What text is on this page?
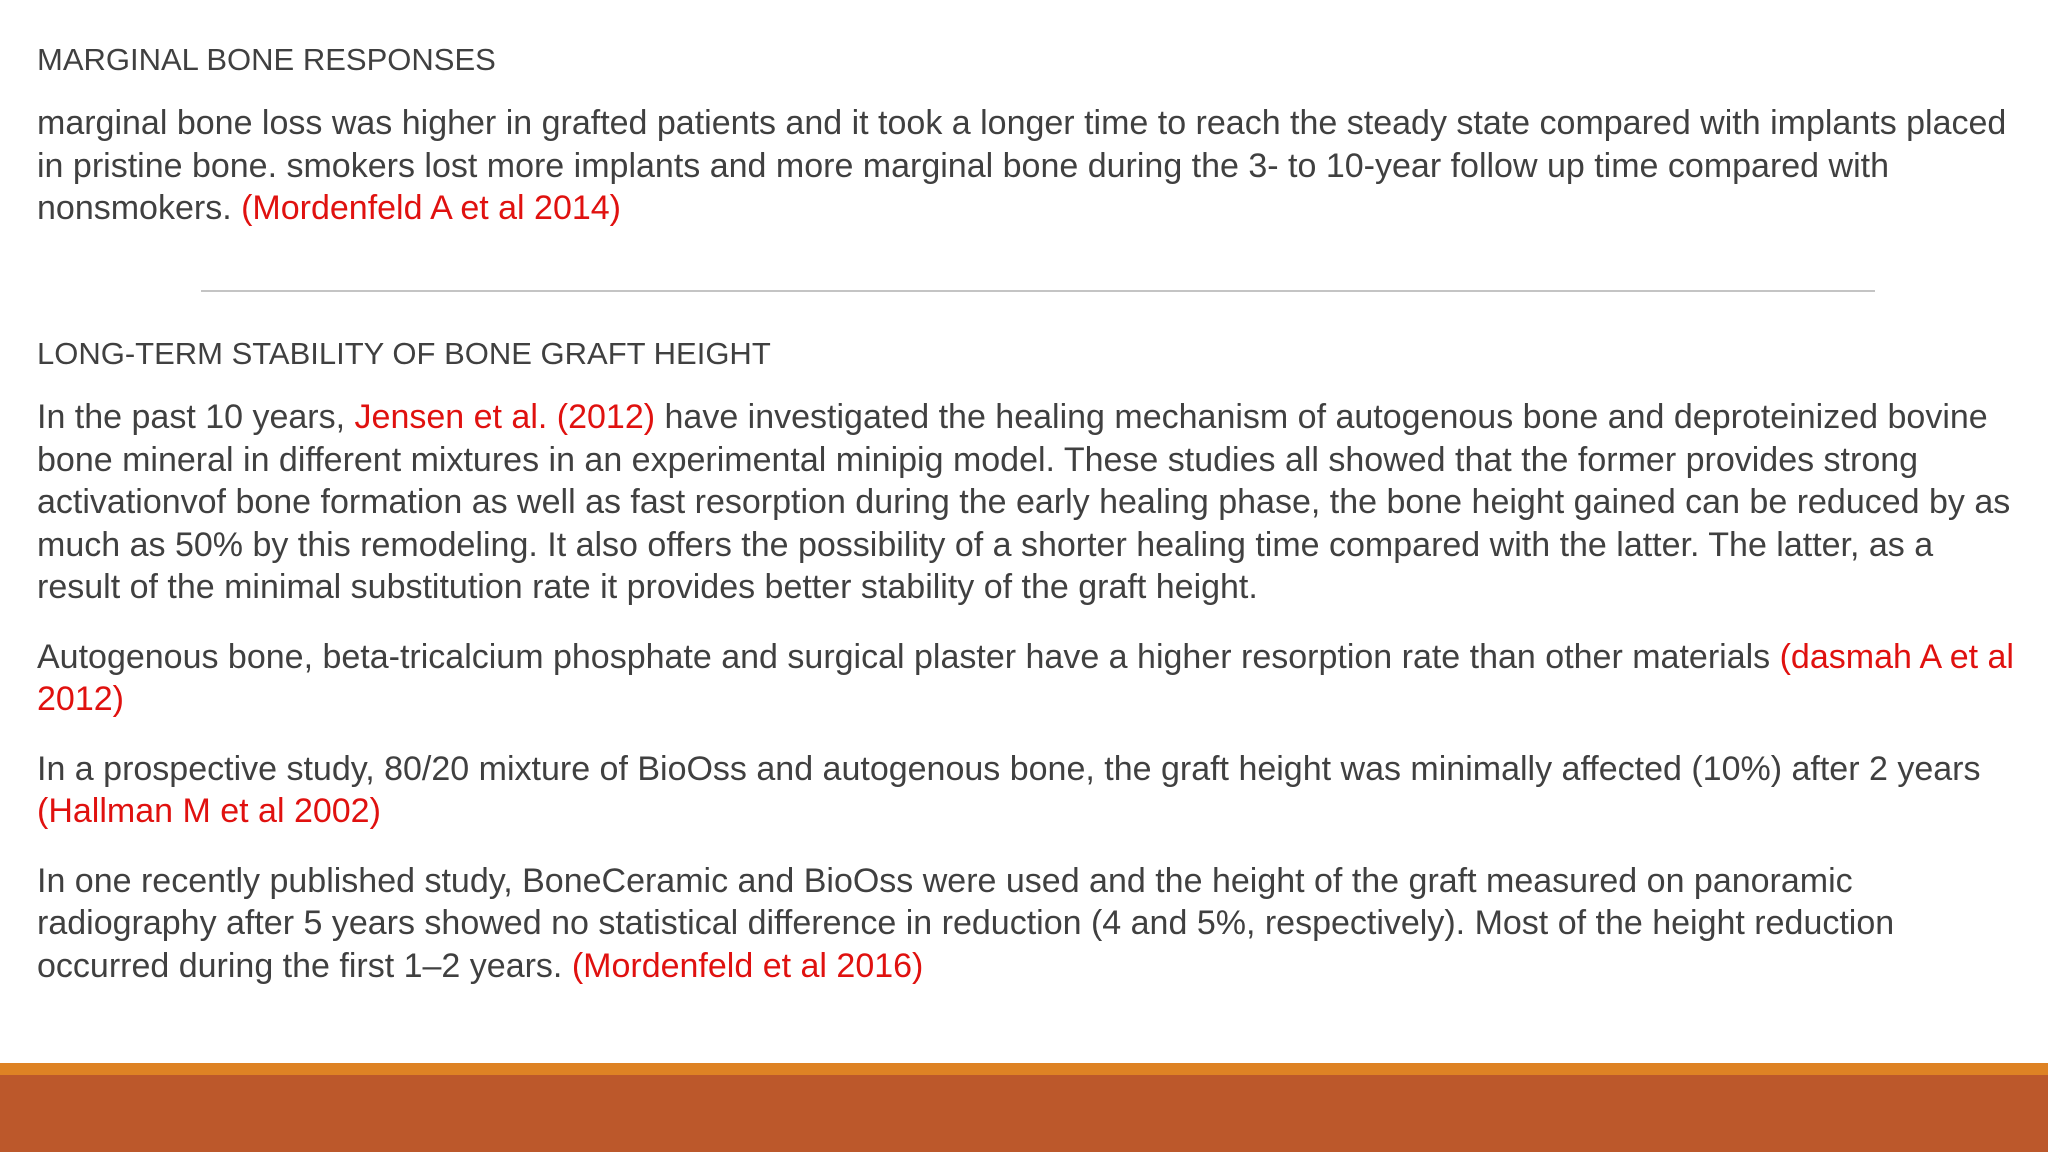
MARGINAL BONE RESPONSES

marginal bone loss was higher in grafted patients and it took a longer time to reach the steady state compared with implants placed in pristine bone. smokers lost more implants and more marginal bone during the 3- to 10-year follow up time compared with nonsmokers. (Mordenfeld A et al 2014)

LONG-TERM STABILITY OF BONE GRAFT HEIGHT

In the past 10 years, Jensen et al. (2012) have investigated the healing mechanism of autogenous bone and deproteinized bovine bone mineral in different mixtures in an experimental minipig model. These studies all showed that the former provides strong activationvof bone formation as well as fast resorption during the early healing phase, the bone height gained can be reduced by as much as 50% by this remodeling. It also offers the possibility of a shorter healing time compared with the latter. The latter, as a result of the minimal substitution rate it provides better stability of the graft height.

Autogenous bone, beta-tricalcium phosphate and surgical plaster have a higher resorption rate than other materials (dasmah A et al 2012)

In a prospective study, 80/20 mixture of BioOss and autogenous bone, the graft height was minimally affected (10%) after 2 years (Hallman M et al 2002)

In one recently published study, BoneCeramic and BioOss were used and the height of the graft measured on panoramic radiography after 5 years showed no statistical difference in reduction (4 and 5%, respectively). Most of the height reduction occurred during the first 1–2 years. (Mordenfeld et al 2016)
